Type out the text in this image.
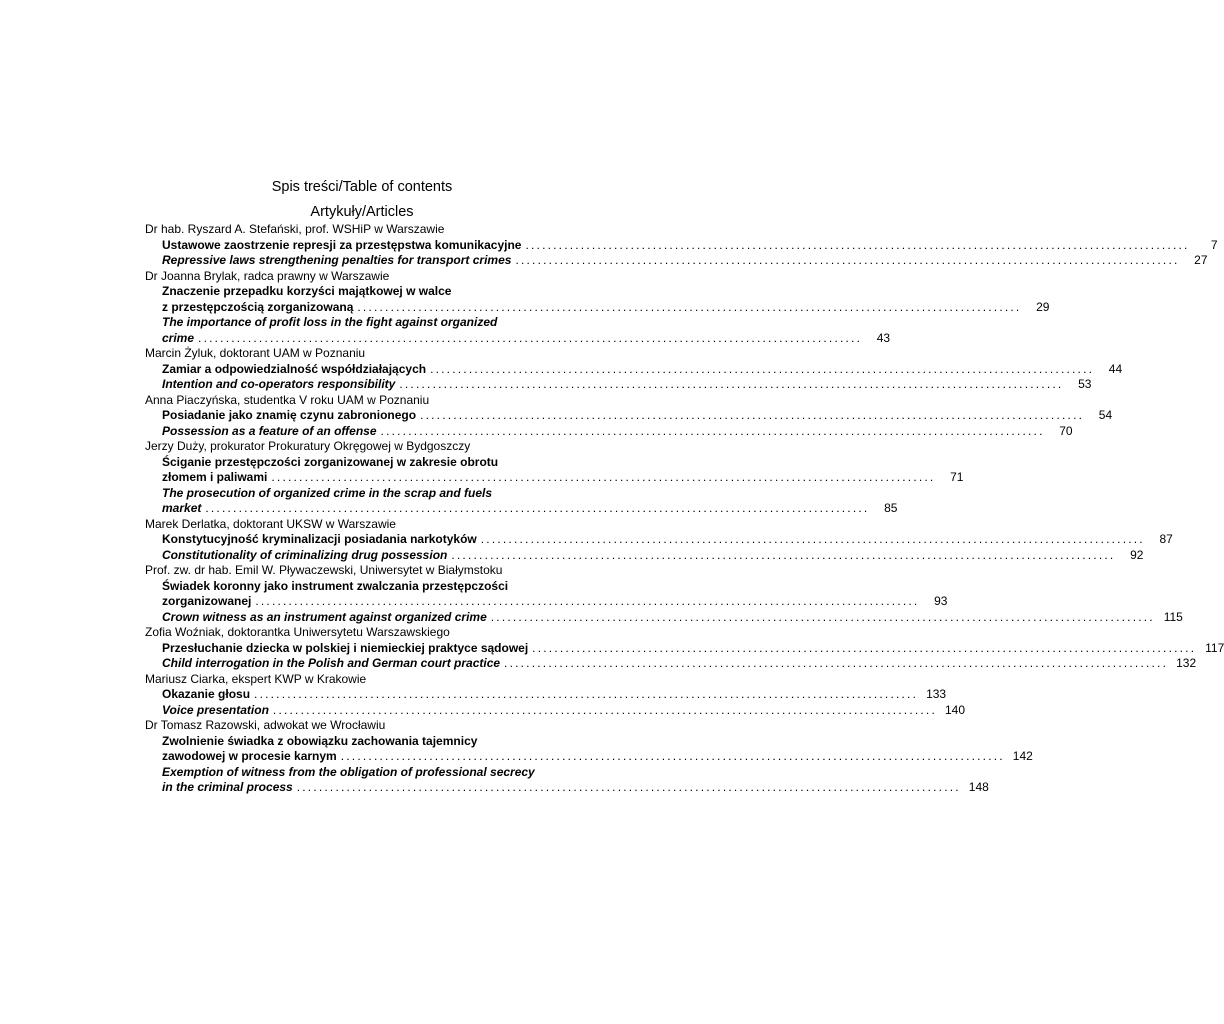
Spis treści/Table of contents
Artykuły/Articles
Dr hab. Ryszard A. Stefański, prof. WSHiP w Warszawie
Ustawowe zaostrzenie represji za przestępstwa komunikacyjne ........................................................................................................................	7
Repressive laws strengthening penalties for transport crimes ........................................................................................................................	27
Dr Joanna Brylak, radca prawny w Warszawie
Znaczenie przepadku korzyści majątkowej w walce
z przestępczością zorganizowaną ........................................................................................................................	29
The importance of profit loss in the fight against organized
crime ........................................................................................................................	43
Marcin Żyluk, doktorant UAM w Poznaniu
Zamiar a odpowiedzialność współdziałających ........................................................................................................................	44
Intention and co-operators responsibility ........................................................................................................................	53
Anna Piaczyńska, studentka V roku UAM w Poznaniu
Posiadanie jako znamię czynu zabronionego ........................................................................................................................	54
Possession as a feature of an offense ........................................................................................................................	70
Jerzy Duży, prokurator Prokuratury Okręgowej w Bydgoszczy
Ściganie przestępczości zorganizowanej w zakresie obrotu
złomem i paliwami ........................................................................................................................	71
The prosecution of organized crime in the scrap and fuels
market ........................................................................................................................	85
Marek Derlatka, doktorant UKSW w Warszawie
Konstytucyjność kryminalizacji posiadania narkotyków ........................................................................................................................	87
Constitutionality of criminalizing drug possession ........................................................................................................................	92
Prof. zw. dr hab. Emil W. Pływaczewski, Uniwersytet w Białymstoku
Świadek koronny jako instrument zwalczania przestępczości
zorganizowanej ........................................................................................................................	93
Crown witness as an instrument against organized crime ........................................................................................................................ 115
Zofia Woźniak, doktorantka Uniwersytetu Warszawskiego
Przesłuchanie dziecka w polskiej i niemieckiej praktyce sądowej ........................................................................................................................ 117
Child interrogation in the Polish and German court practice ........................................................................................................................ 132
Mariusz Ciarka, ekspert KWP w Krakowie
Okazanie głosu ........................................................................................................................ 133
Voice presentation ........................................................................................................................ 140
Dr Tomasz Razowski, adwokat we Wrocławiu
Zwolnienie świadka z obowiązku zachowania tajemnicy
zawodowej w procesie karnym ........................................................................................................................ 142
Exemption of witness from the obligation of professional secrecy
in the criminal process ........................................................................................................................ 148
